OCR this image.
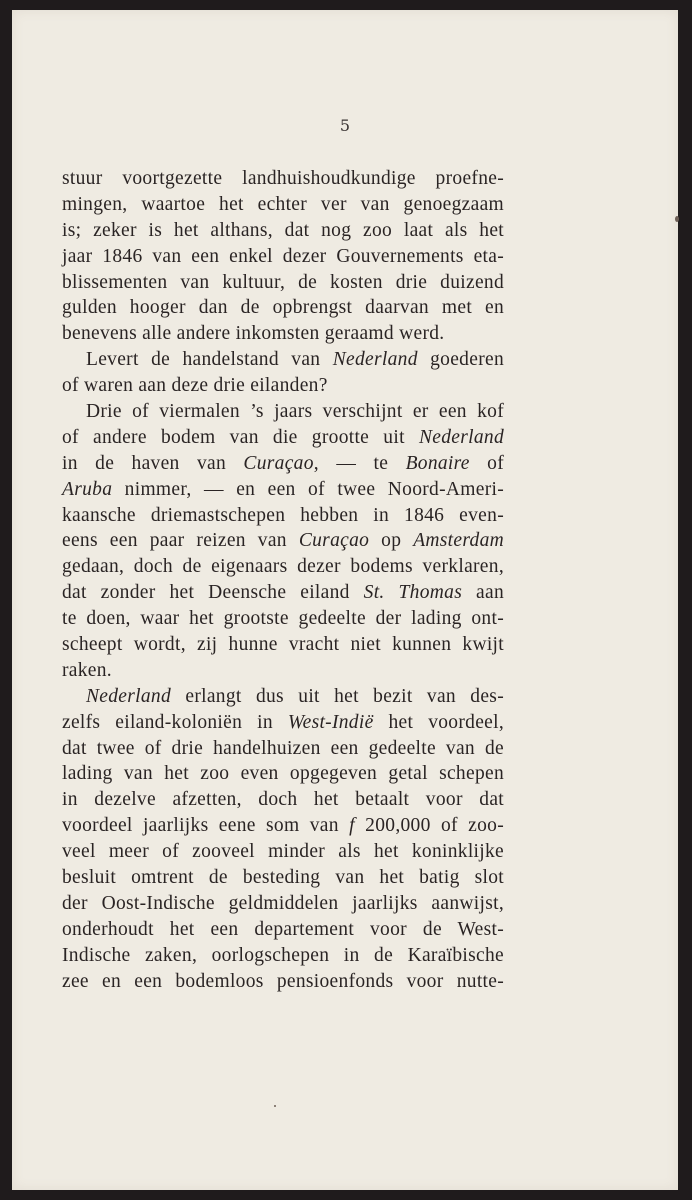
5
stuur voortgezette landhuishoudkundige proefne-
mingen, waartoe het echter ver van genoegzaam
is; zeker is het althans, dat nog zoo laat als het
jaar 1846 van een enkel dezer Gouvernements eta-
blissementen van kultuur, de kosten drie duizend
gulden hooger dan de opbrengst daarvan met en
benevens alle andere inkomsten geraamd werd.
Levert de handelstand van Nederland goederen
of waren aan deze drie eilanden?
Drie of viermalen ’s jaars verschijnt er een kof
of andere bodem van die grootte uit Nederland
in de haven van Curaçao, — te Bonaire of
Aruba nimmer, — en een of twee Noord-Ameri-
kaansche driemastschepen hebben in 1846 even-
eens een paar reizen van Curaçao op Amsterdam
gedaan, doch de eigenaars dezer bodems verklaren,
dat zonder het Deensche eiland St. Thomas aan
te doen, waar het grootste gedeelte der lading ont-
scheept wordt, zij hunne vracht niet kunnen kwijt
raken.
Nederland erlangt dus uit het bezit van des-
zelfs eiland-koloniën in West-Indië het voordeel,
dat twee of drie handelhuizen een gedeelte van de
lading van het zoo even opgegeven getal schepen
in dezelve afzetten, doch het betaalt voor dat
voordeel jaarlijks eene som van f 200,000 of zoo-
veel meer of zooveel minder als het koninklijke
besluit omtrent de besteding van het batig slot
der Oost-Indische geldmiddelen jaarlijks aanwijst,
onderhoudt het een departement voor de West-
Indische zaken, oorlogschepen in de Karaïbische
zee en een bodemloos pensioenfonds voor nutte-
